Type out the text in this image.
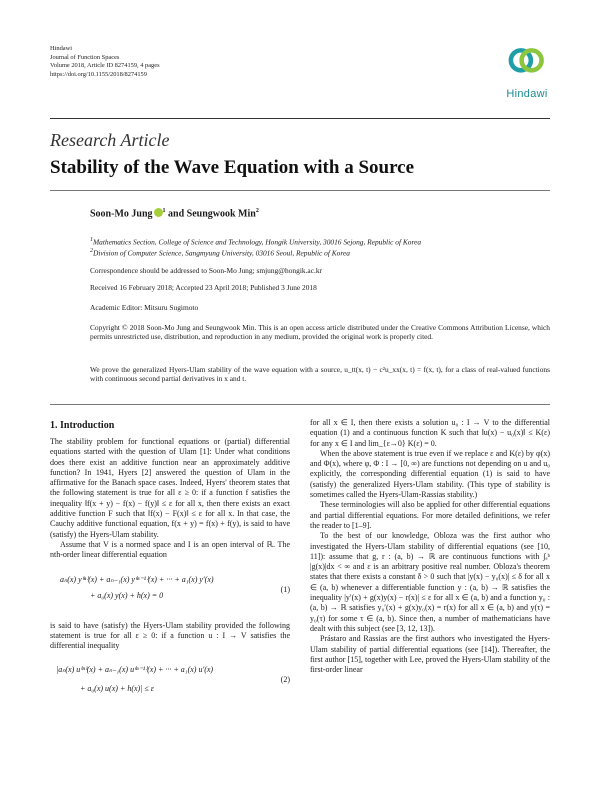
Hindawi
Journal of Function Spaces
Volume 2018, Article ID 8274159, 4 pages
https://doi.org/10.1155/2018/8274159
Hindawi
Research Article
Stability of the Wave Equation with a Source
Soon-Mo Jung $^1$ and Seungwook Min$^2$
$^1$Mathematics Section, College of Science and Technology, Hongik University, 30016 Sejong, Republic of Korea
$^2$Division of Computer Science, Sangmyung University, 03016 Seoul, Republic of Korea
Correspondence should be addressed to Soon-Mo Jung; smjung@hongik.ac.kr
Received 16 February 2018; Accepted 23 April 2018; Published 3 June 2018
Academic Editor: Mitsuru Sugimoto
Copyright © 2018 Soon-Mo Jung and Seungwook Min. This is an open access article distributed under the Creative Commons Attribution License, which permits unrestricted use, distribution, and reproduction in any medium, provided the original work is properly cited.
We prove the generalized Hyers-Ulam stability of the wave equation with a source, u_tt(x, t) − c²u_xx(x, t) = f(x, t), for a class of real-valued functions with continuous second partial derivatives in x and t.
1. Introduction

The stability problem for functional equations or (partial) differential equations started with the question of Ulam [1]: Under what conditions does there exist an additive function near an approximately additive function? In 1941, Hyers [2] answered the question of Ulam in the affirmative for the Banach space cases. Indeed, Hyers' theorem states that the following statement is true for all ε ≥ 0: if a function f satisfies the inequality ‖f(x + y) − f(x) − f(y)‖ ≤ ε for all x, then there exists an exact additive function F such that ‖f(x) − F(x)‖ ≤ ε for all x. In that case, the Cauchy additive functional equation, f(x + y) = f(x) + f(y), is said to have (satisfy) the Hyers-Ulam stability.

Assume that V is a normed space and I is an open interval of ℝ. The nth-order linear differential equation

aₙ(x) y⁽ⁿ⁾(x) + aₙ₋₁(x) y⁽ⁿ⁻¹⁾(x) + ··· + a₁(x) y′(x)
+ a₀(x) y(x) + h(x) = 0
(1)

is said to have (satisfy) the Hyers-Ulam stability provided the following statement is true for all ε ≥ 0: if a function u : I → V satisfies the differential inequality

|aₙ(x) u⁽ⁿ⁾(x) + aₙ₋₁(x) u⁽ⁿ⁻¹⁾(x) + ··· + a₁(x) u′(x)
+ a₀(x) u(x) + h(x)| ≤ ε
(2)

for all x ∈ I, then there exists a solution u₀ : I → V to the differential equation (1) and a continuous function K such that ‖u(x) − u₀(x)‖ ≤ K(ε) for any x ∈ I and lim_{ε→0} K(ε) = 0.

When the above statement is true even if we replace ε and K(ε) by φ(x) and Φ(x), where φ, Φ : I → [0, ∞) are functions not depending on u and u₀ explicitly, the corresponding differential equation (1) is said to have (satisfy) the generalized Hyers-Ulam stability. (This type of stability is sometimes called the Hyers-Ulam-Rassias stability.)

These terminologies will also be applied for other differential equations and partial differential equations. For more detailed definitions, we refer the reader to [1–9].

To the best of our knowledge, Obloza was the first author who investigated the Hyers-Ulam stability of differential equations (see [10, 11]): assume that g, r : (a, b) → ℝ are continuous functions with ∫ₐᵇ |g(x)|dx < ∞ and ε is an arbitrary positive real number. Obloza's theorem states that there exists a constant δ > 0 such that |y(x) − y₀(x)| ≤ δ for all x ∈ (a, b) whenever a differentiable function y : (a, b) → ℝ satisfies the inequality |y′(x) + g(x)y(x) − r(x)| ≤ ε for all x ∈ (a, b) and a function y₀ : (a, b) → ℝ satisfies y₀′(x) + g(x)y₀(x) = r(x) for all x ∈ (a, b) and y(τ) = y₀(τ) for some τ ∈ (a, b). Since then, a number of mathematicians have dealt with this subject (see [3, 12, 13]).

Prástaro and Rassias are the first authors who investigated the Hyers-Ulam stability of partial differential equations (see [14]). Thereafter, the first author [15], together with Lee, proved the Hyers-Ulam stability of the first-order linear
